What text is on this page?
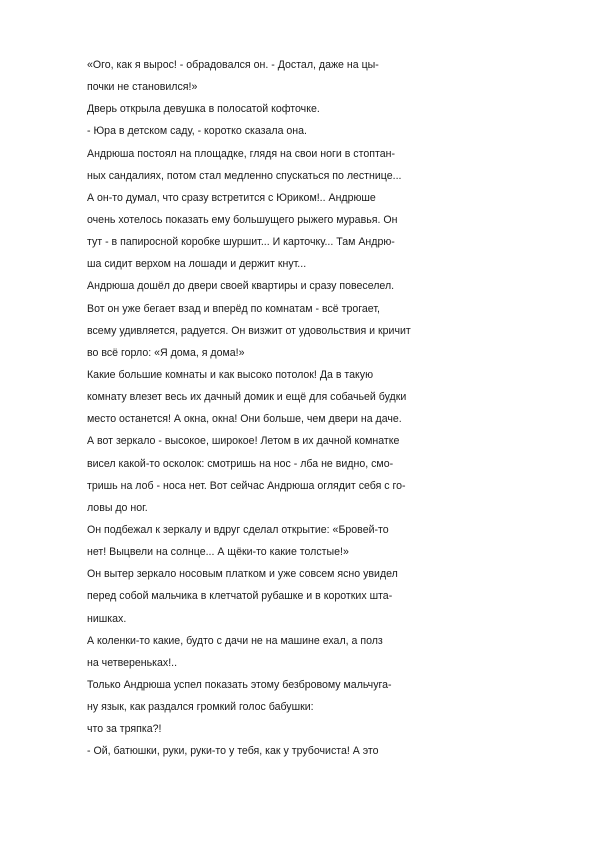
«Ого, как я вырос! - обрадовался он. - Достал, даже на цы-
почки не становился!»
Дверь открыла девушка в полосатой кофточке.
- Юра в детском саду, - коротко сказала она.
Андрюша постоял на площадке, глядя на свои ноги в стоптан-
ных сандалиях, потом стал медленно спускаться по лестнице...
А он-то думал, что сразу встретится с Юриком!.. Андрюше
очень хотелось показать ему большущего рыжего муравья. Он
тут - в папиросной коробке шуршит... И карточку... Там Андрю-
ша сидит верхом на лошади и держит кнут...
Андрюша дошёл до двери своей квартиры и сразу повеселел.
Вот он уже бегает взад и вперёд по комнатам - всё трогает,
всему удивляется, радуется. Он визжит от удовольствия и кричит
во всё горло: «Я дома, я дома!»
Какие большие комнаты и как высоко потолок! Да в такую
комнату влезет весь их дачный домик и ещё для собачьей будки
место останется! А окна, окна! Они больше, чем двери на даче.
А вот зеркало - высокое, широкое! Летом в их дачной комнатке
висел какой-то осколок: смотришь на нос - лба не видно, смо-
тришь на лоб - носа нет. Вот сейчас Андрюша оглядит себя с го-
ловы до ног.
Он подбежал к зеркалу и вдруг сделал открытие: «Бровей-то
нет! Выцвели на солнце... А щёки-то какие толстые!»
Он вытер зеркало носовым платком и уже совсем ясно увидел
перед собой мальчика в клетчатой рубашке и в коротких шта-
нишках.
А коленки-то какие, будто с дачи не на машине ехал, а полз
на четвереньках!..
Только Андрюша успел показать этому безбровому мальчуга-
ну язык, как раздался громкий голос бабушки:
что за тряпка?!
- Ой, батюшки, руки, руки-то у тебя, как у трубочиста! А это
